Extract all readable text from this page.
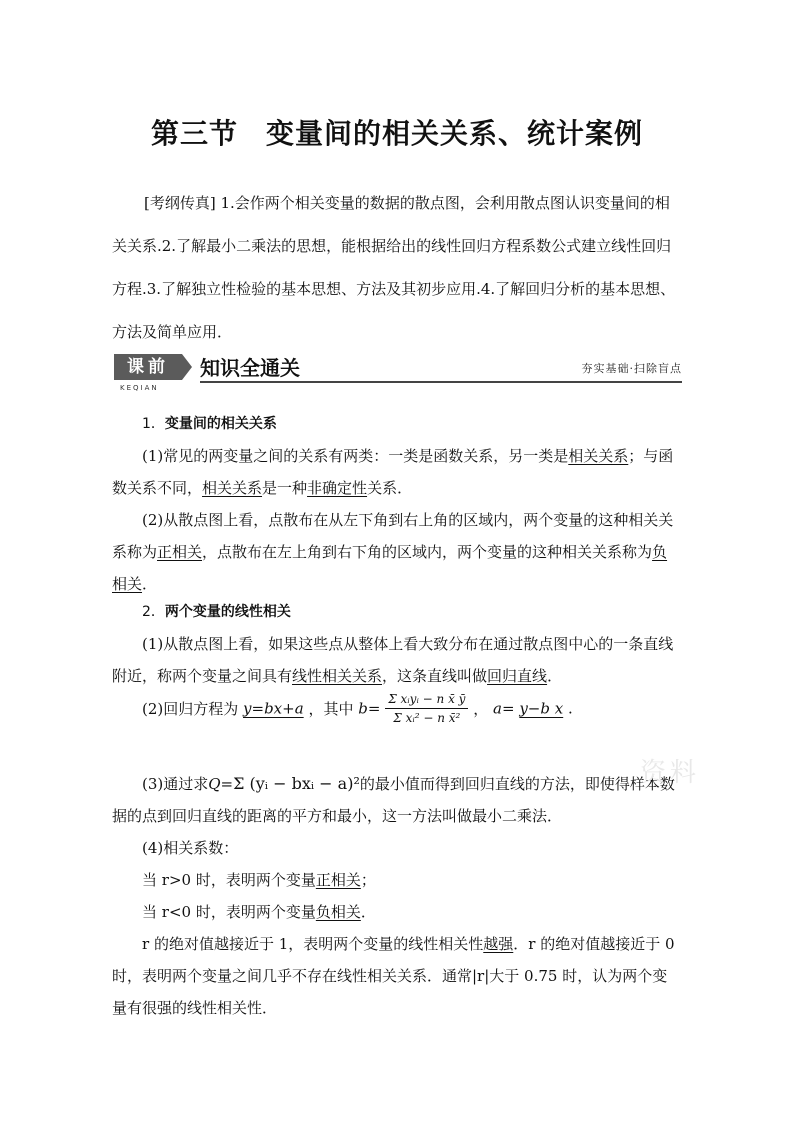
第三节 变量间的相关关系、统计案例
[考纲传真] 1.会作两个相关变量的数据的散点图，会利用散点图认识变量间的相关关系.2.了解最小二乘法的思想，能根据给出的线性回归方程系数公式建立线性回归方程.3.了解独立性检验的基本思想、方法及其初步应用.4.了解回归分析的基本思想、方法及简单应用．
课前
KEQIAN
知识全通关	夯实基础·扫除盲点
1．变量间的相关关系
(1)常见的两变量之间的关系有两类：一类是函数关系，另一类是相关关系；与函数关系不同，相关关系是一种非确定性关系．
(2)从散点图上看，点散布在从左下角到右上角的区域内，两个变量的这种相关关系称为正相关，点散布在左上角到右下角的区域内，两个变量的这种相关关系称为负相关．
2．两个变量的线性相关
(1)从散点图上看，如果这些点从整体上看大致分布在通过散点图中心的一条直线附近，称两个变量之间具有线性相关关系，这条直线叫做回归直线．
(2)回归方程为 y=bx+a ，其中 $b= \frac{\text{Σ xᵢyᵢ − n x̄ ȳ}}{\text{Σ xᵢ² − n x̄²}}$ ， a= y−b x .
(3)通过求Q=Σ (yᵢ − bxᵢ − a)²的最小值而得到回归直线的方法，即使得样本数据的点到回归直线的距离的平方和最小，这一方法叫做最小二乘法．
(4)相关系数：
当 r>0 时，表明两个变量正相关；
当 r<0 时，表明两个变量负相关．
r 的绝对值越接近于 1，表明两个变量的线性相关性越强．r 的绝对值越接近于 0 时，表明两个变量之间几乎不存在线性相关关系．通常|r|大于 0.75 时，认为两个变量有很强的线性相关性．
资料
